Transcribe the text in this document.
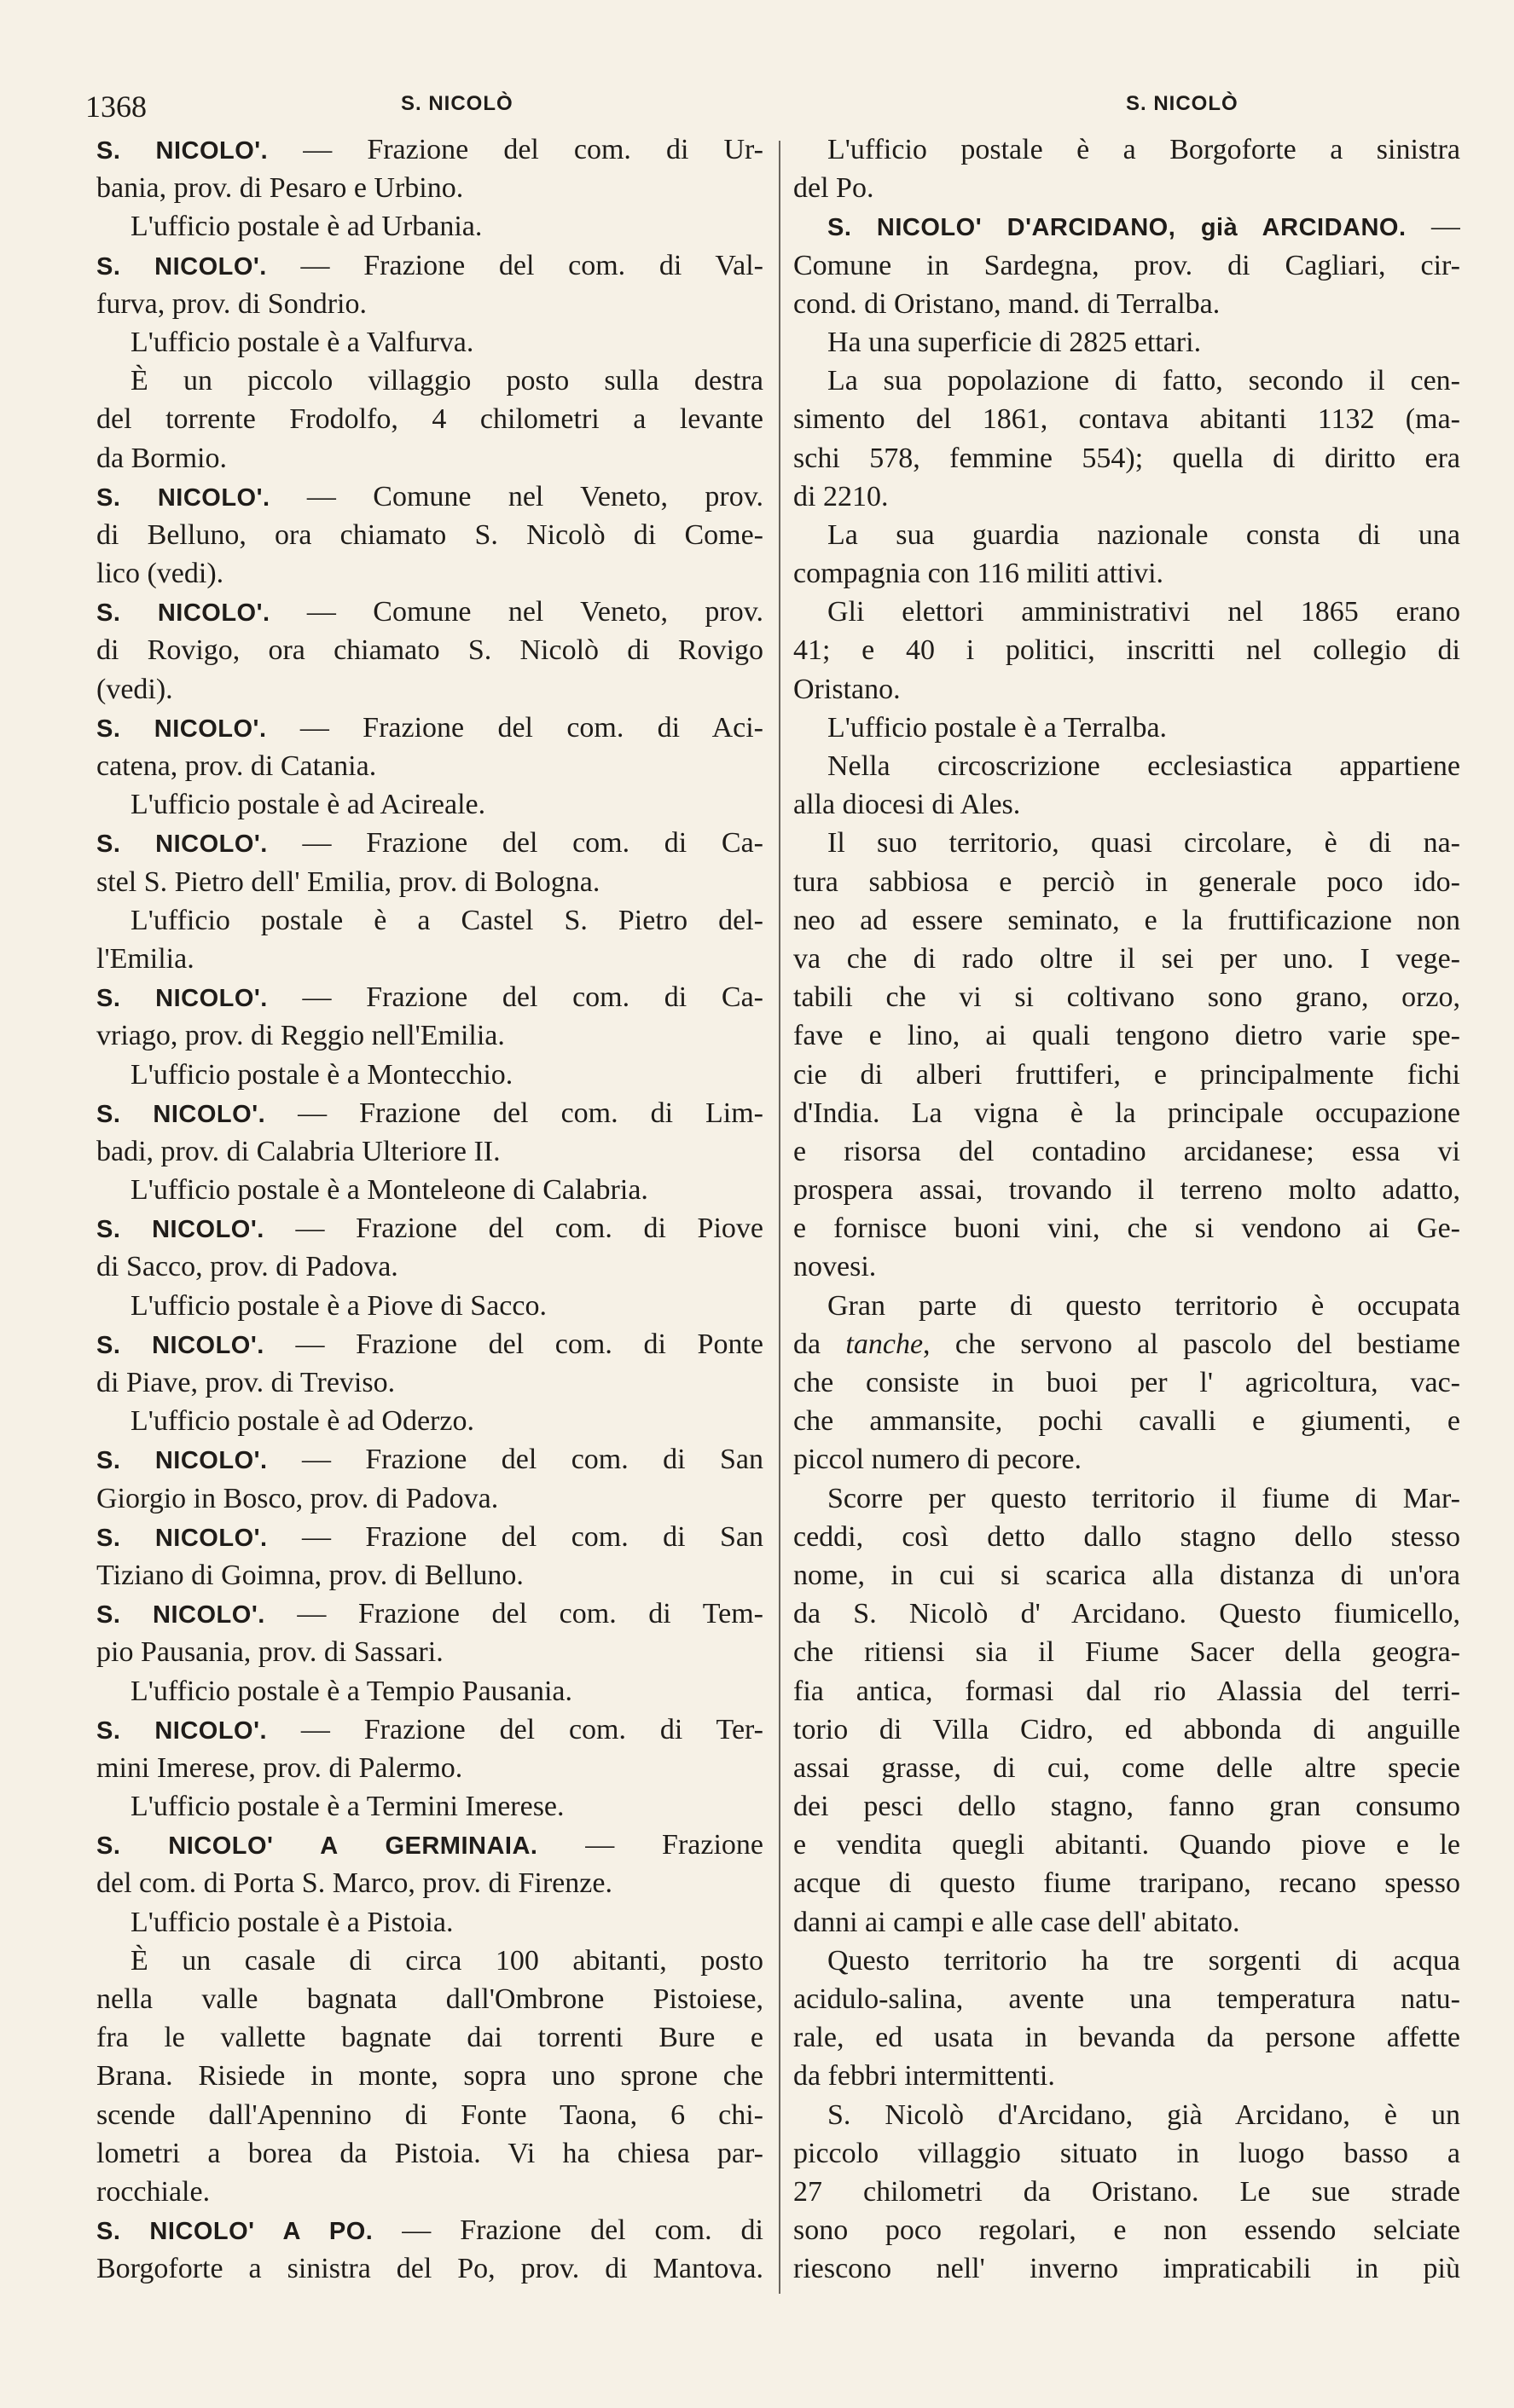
1368	S. NICOLÒ	S. NICOLÒ
S. NICOLO'. — Frazione del com. di Ur-
bania, prov. di Pesaro e Urbino.
L'ufficio postale è ad Urbania.
S. NICOLO'. — Frazione del com. di Val-
furva, prov. di Sondrio.
L'ufficio postale è a Valfurva.
È un piccolo villaggio posto sulla destra
del torrente Frodolfo, 4 chilometri a levante
da Bormio.
S. NICOLO'. — Comune nel Veneto, prov.
di Belluno, ora chiamato S. Nicolò di Come-
lico (vedi).
S. NICOLO'. — Comune nel Veneto, prov.
di Rovigo, ora chiamato S. Nicolò di Rovigo
(vedi).
S. NICOLO'. — Frazione del com. di Aci-
catena, prov. di Catania.
L'ufficio postale è ad Acireale.
S. NICOLO'. — Frazione del com. di Ca-
stel S. Pietro dell' Emilia, prov. di Bologna.
L'ufficio postale è a Castel S. Pietro del-
l'Emilia.
S. NICOLO'. — Frazione del com. di Ca-
vriago, prov. di Reggio nell'Emilia.
L'ufficio postale è a Montecchio.
S. NICOLO'. — Frazione del com. di Lim-
badi, prov. di Calabria Ulteriore II.
L'ufficio postale è a Monteleone di Calabria.
S. NICOLO'. — Frazione del com. di Piove
di Sacco, prov. di Padova.
L'ufficio postale è a Piove di Sacco.
S. NICOLO'. — Frazione del com. di Ponte
di Piave, prov. di Treviso.
L'ufficio postale è ad Oderzo.
S. NICOLO'. — Frazione del com. di San
Giorgio in Bosco, prov. di Padova.
S. NICOLO'. — Frazione del com. di San
Tiziano di Goimna, prov. di Belluno.
S. NICOLO'. — Frazione del com. di Tem-
pio Pausania, prov. di Sassari.
L'ufficio postale è a Tempio Pausania.
S. NICOLO'. — Frazione del com. di Ter-
mini Imerese, prov. di Palermo.
L'ufficio postale è a Termini Imerese.
S. NICOLO' A GERMINAIA. — Frazione
del com. di Porta S. Marco, prov. di Firenze.
L'ufficio postale è a Pistoia.
È un casale di circa 100 abitanti, posto
nella valle bagnata dall'Ombrone Pistoiese,
fra le vallette bagnate dai torrenti Bure e
Brana. Risiede in monte, sopra uno sprone che
scende dall'Apennino di Fonte Taona, 6 chi-
lometri a borea da Pistoia. Vi ha chiesa par-
rocchiale.
S. NICOLO' A PO. — Frazione del com. di
Borgoforte a sinistra del Po, prov. di Mantova.
L'ufficio postale è a Borgoforte a sinistra
del Po.
S. NICOLO' D'ARCIDANO, già ARCIDANO. —
Comune in Sardegna, prov. di Cagliari, cir-
cond. di Oristano, mand. di Terralba.
Ha una superficie di 2825 ettari.
La sua popolazione di fatto, secondo il cen-
simento del 1861, contava abitanti 1132 (ma-
schi 578, femmine 554); quella di diritto era
di 2210.
La sua guardia nazionale consta di una
compagnia con 116 militi attivi.
Gli elettori amministrativi nel 1865 erano
41; e 40 i politici, inscritti nel collegio di
Oristano.
L'ufficio postale è a Terralba.
Nella circoscrizione ecclesiastica appartiene
alla diocesi di Ales.
Il suo territorio, quasi circolare, è di na-
tura sabbiosa e perciò in generale poco ido-
neo ad essere seminato, e la fruttificazione non
va che di rado oltre il sei per uno. I vege-
tabili che vi si coltivano sono grano, orzo,
fave e lino, ai quali tengono dietro varie spe-
cie di alberi fruttiferi, e principalmente fichi
d'India. La vigna è la principale occupazione
e risorsa del contadino arcidanese; essa vi
prospera assai, trovando il terreno molto adatto,
e fornisce buoni vini, che si vendono ai Ge-
novesi.
Gran parte di questo territorio è occupata
da tanche, che servono al pascolo del bestiame
che consiste in buoi per l' agricoltura, vac-
che ammansite, pochi cavalli e giumenti, e
piccol numero di pecore.
Scorre per questo territorio il fiume di Mar-
ceddi, così detto dallo stagno dello stesso
nome, in cui si scarica alla distanza di un'ora
da S. Nicolò d' Arcidano. Questo fiumicello,
che ritiensi sia il Fiume Sacer della geogra-
fia antica, formasi dal rio Alassia del terri-
torio di Villa Cidro, ed abbonda di anguille
assai grasse, di cui, come delle altre specie
dei pesci dello stagno, fanno gran consumo
e vendita quegli abitanti. Quando piove e le
acque di questo fiume traripano, recano spesso
danni ai campi e alle case dell' abitato.
Questo territorio ha tre sorgenti di acqua
acidulo-salina, avente una temperatura natu-
rale, ed usata in bevanda da persone affette
da febbri intermittenti.
S. Nicolò d'Arcidano, già Arcidano, è un
piccolo villaggio situato in luogo basso a
27 chilometri da Oristano. Le sue strade
sono poco regolari, e non essendo selciate
riescono nell' inverno impraticabili in più
